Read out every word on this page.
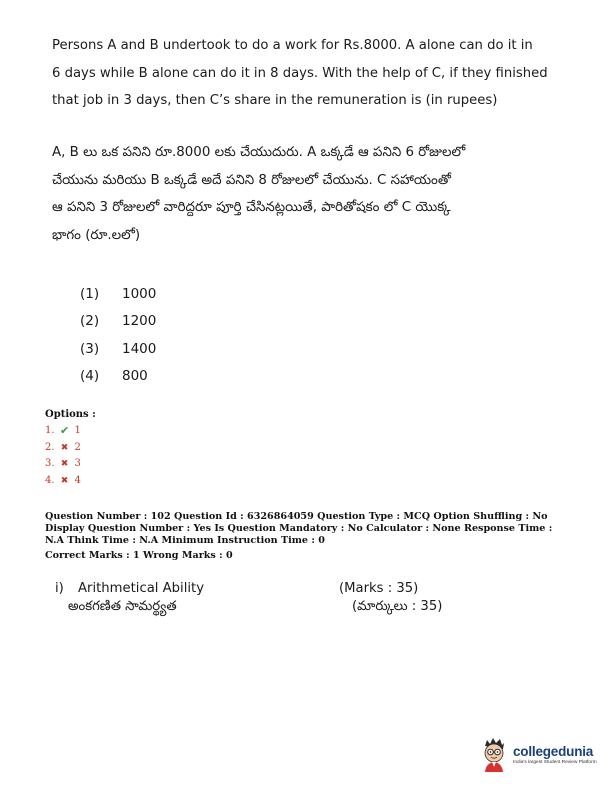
Persons A and B undertook to do a work for Rs.8000. A alone can do it in
6 days while B alone can do it in 8 days. With the help of C, if they finished
that job in 3 days, then C’s share in the remuneration is (in rupees)
A, B లు ఒక పనిని రూ.8000 లకు చేయుదురు. A ఒక్కడే ఆ పనిని 6 రోజులలో
చేయును మరియు B ఒక్కడే అదే పనిని 8 రోజులలో చేయును. C సహాయంతో
ఆ పనిని 3 రోజులలో వారిద్దరూ పూర్తి చేసినట్లయితే, పారితోషకం లో C యొక్క
భాగం (రూ.లలో)
(1)	1000
(2)	1200
(3)	1400
(4)	800
Options :
1. ✔ 1
2. ✖ 2
3. ✖ 3
4. ✖ 4
Question Number : 102 Question Id : 6326864059 Question Type : MCQ Option Shuffling : No Display Question Number : Yes Is Question Mandatory : No Calculator : None Response Time : N.A Think Time : N.A Minimum Instruction Time : 0
Correct Marks : 1 Wrong Marks : 0
i) Arithmetical Ability	(Marks : 35)
అంకగణిత సామర్థ్యత	(మార్కులు : 35)
collegedunia
India's largest Student Review Platform
